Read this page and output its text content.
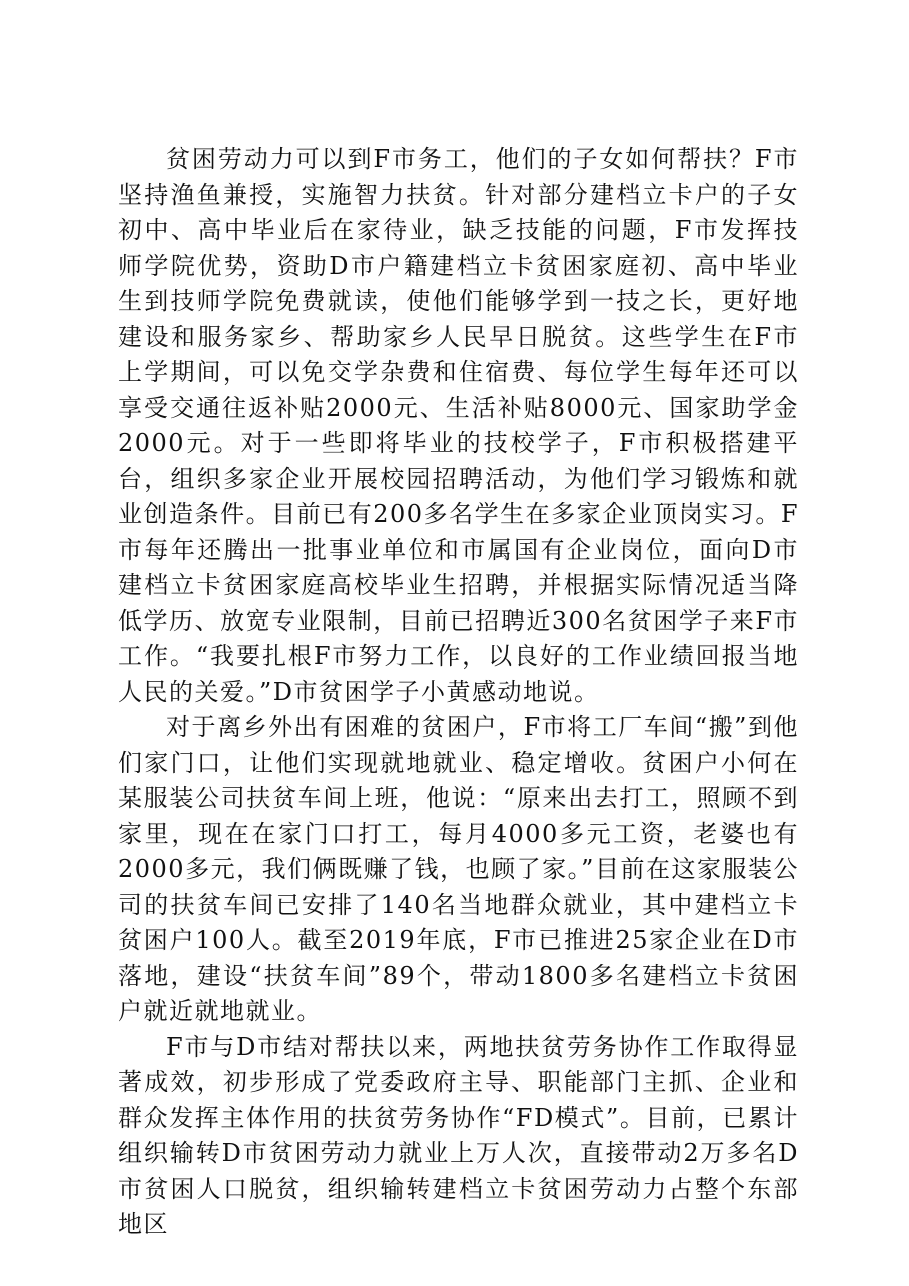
贫困劳动力可以到F市务工，他们的子女如何帮扶？F市坚持渔鱼兼授，实施智力扶贫。针对部分建档立卡户的子女初中、高中毕业后在家待业，缺乏技能的问题，F市发挥技师学院优势，资助D市户籍建档立卡贫困家庭初、高中毕业生到技师学院免费就读，使他们能够学到一技之长，更好地建设和服务家乡、帮助家乡人民早日脱贫。这些学生在F市上学期间，可以免交学杂费和住宿费、每位学生每年还可以享受交通往返补贴2000元、生活补贴8000元、国家助学金2000元。对于一些即将毕业的技校学子，F市积极搭建平台，组织多家企业开展校园招聘活动，为他们学习锻炼和就业创造条件。目前已有200多名学生在多家企业顶岗实习。F市每年还腾出一批事业单位和市属国有企业岗位，面向D市建档立卡贫困家庭高校毕业生招聘，并根据实际情况适当降低学历、放宽专业限制，目前已招聘近300名贫困学子来F市工作。“我要扎根F市努力工作，以良好的工作业绩回报当地人民的关爱。”D市贫困学子小黄感动地说。

对于离乡外出有困难的贫困户，F市将工厂车间“搬”到他们家门口，让他们实现就地就业、稳定增收。贫困户小何在某服装公司扶贫车间上班，他说：“原来出去打工，照顾不到家里，现在在家门口打工，每月4000多元工资，老婆也有2000多元，我们俩既赚了钱，也顾了家。”目前在这家服装公司的扶贫车间已安排了140名当地群众就业，其中建档立卡贫困户100人。截至2019年底，F市已推进25家企业在D市落地，建设“扶贫车间”89个，带动1800多名建档立卡贫困户就近就地就业。

F市与D市结对帮扶以来，两地扶贫劳务协作工作取得显著成效，初步形成了党委政府主导、职能部门主抓、企业和群众发挥主体作用的扶贫劳务协作“FD模式”。目前，已累计组织输转D市贫困劳动力就业上万人次，直接带动2万多名D市贫困人口脱贫，组织输转建档立卡贫困劳动力占整个东部地区
